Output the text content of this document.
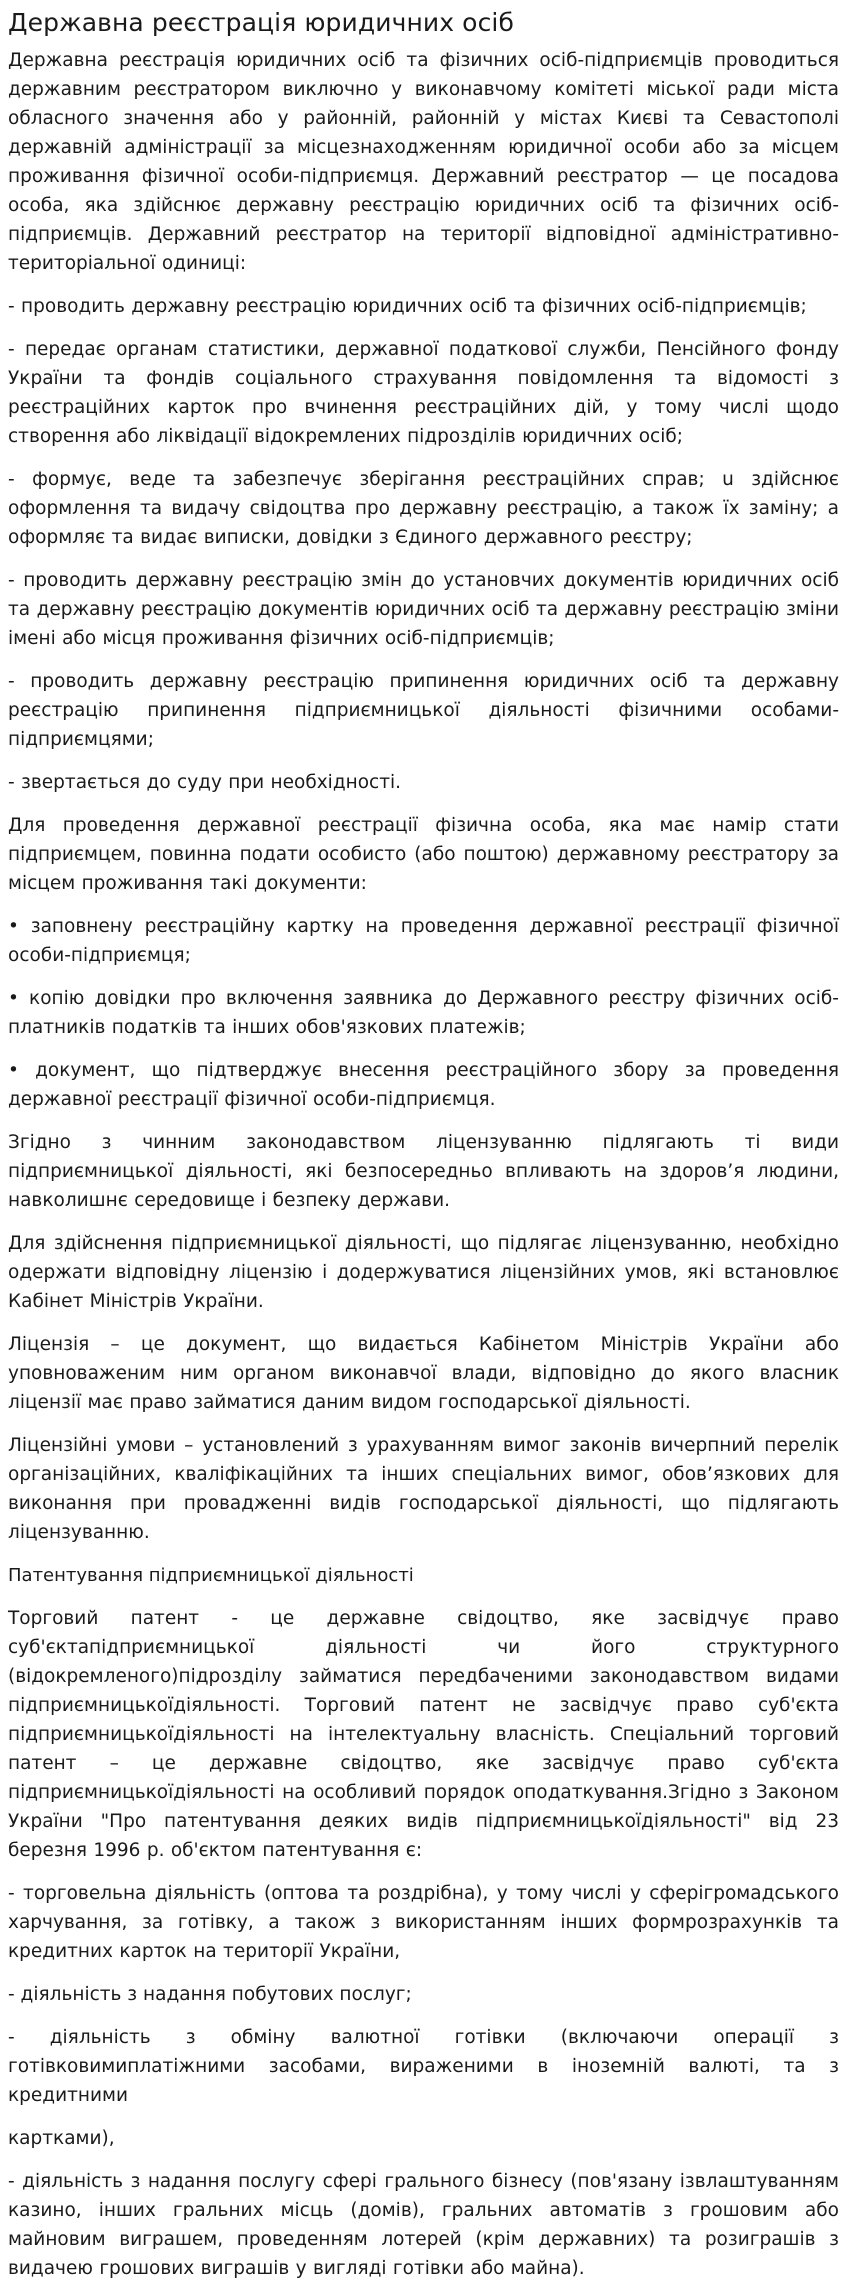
Державна реєстрація юридичних осіб

Державна реєстрація юридичних осіб та фізичних осіб-підприємців проводиться державним реєстратором виключно у виконавчому комітеті міської ради міста обласного значення або у районній, районній у містах Києві та Севастополі державній адміністрації за місцезнаходженням юридичної особи або за місцем проживання фізичної особи-підприємця. Державний реєстратор — це посадова особа, яка здійснює державну реєстрацію юридичних осіб та фізичних осіб-підприємців. Державний реєстратор на території відповідної адміністративно-територіальної одиниці:

- проводить державну реєстрацію юридичних осіб та фізичних осіб-підприємців;

- передає органам статистики, державної податкової служби, Пенсійного фонду України та фондів соціального страхування повідомлення та відомості з реєстраційних карток про вчинення реєстраційних дій, у тому числі щодо створення або ліквідації відокремлених підрозділів юридичних осіб;

- формує, веде та забезпечує зберігання реєстраційних справ; u здійснює оформлення та видачу свідоцтва про державну реєстрацію, а також їх заміну; а оформляє та видає виписки, довідки з Єдиного державного реєстру;

- проводить державну реєстрацію змін до установчих документів юридичних осіб та державну реєстрацію документів юридичних осіб та державну реєстрацію зміни імені або місця проживання фізичних осіб-підприємців;

- проводить державну реєстрацію припинення юридичних осіб та державну реєстрацію припинення підприємницької діяльності фізичними особами-підприємцями;

- звертається до суду при необхідності.

Для проведення державної реєстрації фізична особа, яка має намір стати підприємцем, повинна подати особисто (або поштою) державному реєстратору за місцем проживання такі документи:

• заповнену реєстраційну картку на проведення державної реєстрації фізичної особи-підприємця;

• копію довідки про включення заявника до Державного реєстру фізичних осіб-платників податків та інших обов'язкових платежів;

• документ, що підтверджує внесення реєстраційного збору за проведення державної реєстрації фізичної особи-підприємця.

Згідно з чинним законодавством ліцензуванню підлягають ті види підприємницької діяльності, які безпосередньо впливають на здоров’я людини, навколишнє середовище і безпеку держави.

Для здійснення підприємницької діяльності, що підлягає ліцензуванню, необхідно одержати відповідну ліцензію і додержуватися ліцензійних умов, які встановлює Кабінет Міністрів України.

Ліцензія – це документ, що видається Кабінетом Міністрів України або уповноваженим ним органом виконавчої влади, відповідно до якого власник ліцензії має право займатися даним видом господарської діяльності.

Ліцензійні умови – установлений з урахуванням вимог законів вичерпний перелік організаційних, кваліфікаційних та інших спеціальних вимог, обов’язкових для виконання при провадженні видів господарської діяльності, що підлягають ліцензуванню.

Патентування підприємницької діяльності

Торговий патент - це державне свідоцтво, яке засвідчує право суб'єктапідприємницької діяльності чи його структурного (відокремленого)підрозділу займатися передбаченими законодавством видами підприємницькоїдіяльності. Торговий патент не засвідчує право суб'єкта підприємницькоїдіяльності на інтелектуальну власність. Спеціальний торговий патент – це державне свідоцтво, яке засвідчує право суб'єкта підприємницькоїдіяльності на особливий порядок оподаткування.Згідно з Законом України "Про патентування деяких видів підприємницькоїдіяльності" від 23 березня 1996 р. об'єктом патентування є:

- торговельна діяльність (оптова та роздрібна), у тому числі у сферігромадського харчування, за готівку, а також з використанням інших формрозрахунків та кредитних карток на території України,

- діяльність з надання побутових послуг;

- діяльність з обміну валютної готівки (включаючи операції з готівковимиплатіжними засобами, вираженими в іноземній валюті, та з кредитними

картками),

- діяльність з надання послугу сфері грального бізнесу (пов'язану ізвлаштуванням казино, інших гральних місць (домів), гральних автоматів з грошовим або майновим виграшем, проведенням лотерей (крім державних) та розиграшів з видачею грошових виграшів у вигляді готівки або майна).
